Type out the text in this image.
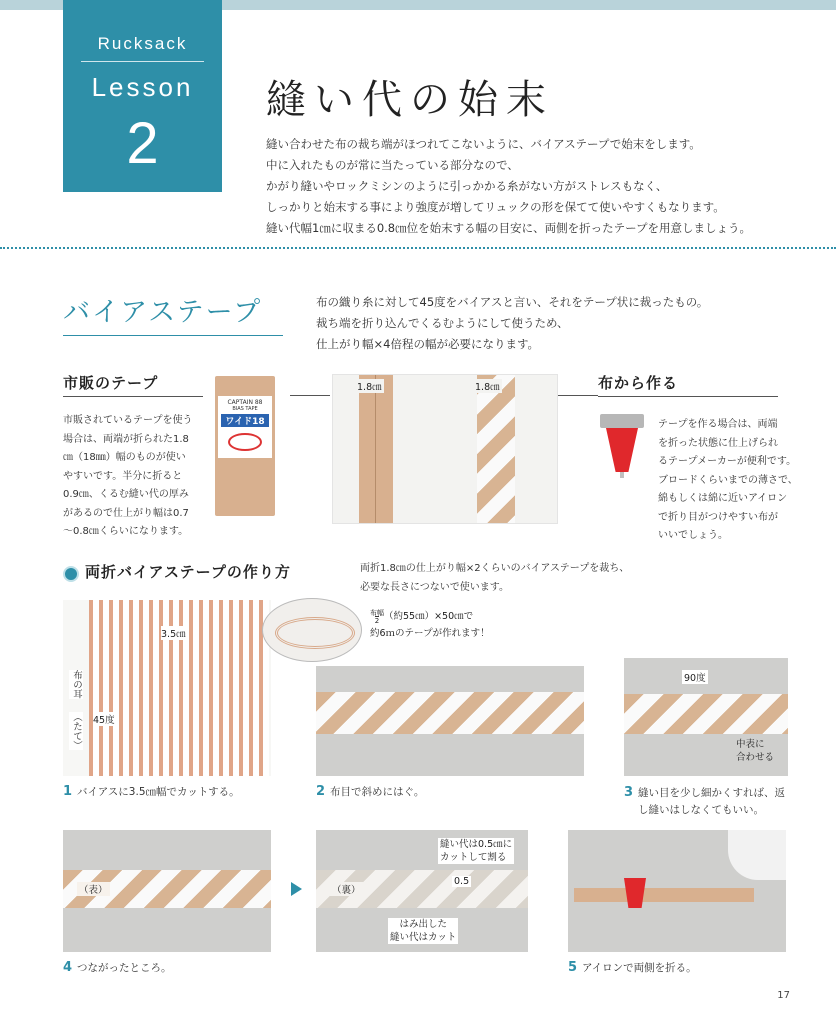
Rucksack
Lesson
2
縫い代の始末
縫い合わせた布の裁ち端がほつれてこないように、バイアステープで始末をします。
中に入れたものが常に当たっている部分なので、
かがり縫いやロックミシンのように引っかかる糸がない方がストレスもなく、
しっかりと始末する事により強度が増してリュックの形を保てて使いやすくもなります。
縫い代幅1㎝に収まる0.8㎝位を始末する幅の目安に、両側を折ったテープを用意しましょう。
バイアステープ	布の織り糸に対して45度をバイアスと言い、それをテープ状に裁ったもの。
裁ち端を折り込んでくるむようにして使うため、
仕上がり幅×4倍程の幅が必要になります。
市販のテープ
市販されているテープを使う
場合は、両端が折られた1.8
㎝（18㎜）幅のものが使い
やすいです。半分に折ると
0.9㎝、くるむ縫い代の厚み
があるので仕上がり幅は0.7
〜0.8㎝くらいになります。
CAPTAIN 88
BIAS TAPE
ワイド18
1.8㎝	1.8㎝	布から作る
テープを作る場合は、両端
を折った状態に仕上げられ
るテープメーカーが便利です。
ブロードくらいまでの薄さで、
綿もしくは綿に近いアイロン
で折り目がつけやすい布が
いいでしょう。
両折バイアステープの作り方	両折1.8㎝の仕上がり幅×2くらいのバイアステープを裁ち、
必要な長さにつないで使います。
3.5㎝
布の耳
（たて） 45度
1 バイアスに3.5㎝幅でカットする。
布幅
2 （約55㎝）×50㎝で
約6ｍのテープが作れます！
2 布目で斜めにはぐ。
90度
中表に
合わせる
3 縫い目を少し細かくすれば、返
し縫いはしなくてもいい。
（表）	（裏）
縫い代は0.5㎝に
カットして割る
0.5
はみ出した
縫い代はカット
4 つながったところ。	5 アイロンで両側を折る。
17
